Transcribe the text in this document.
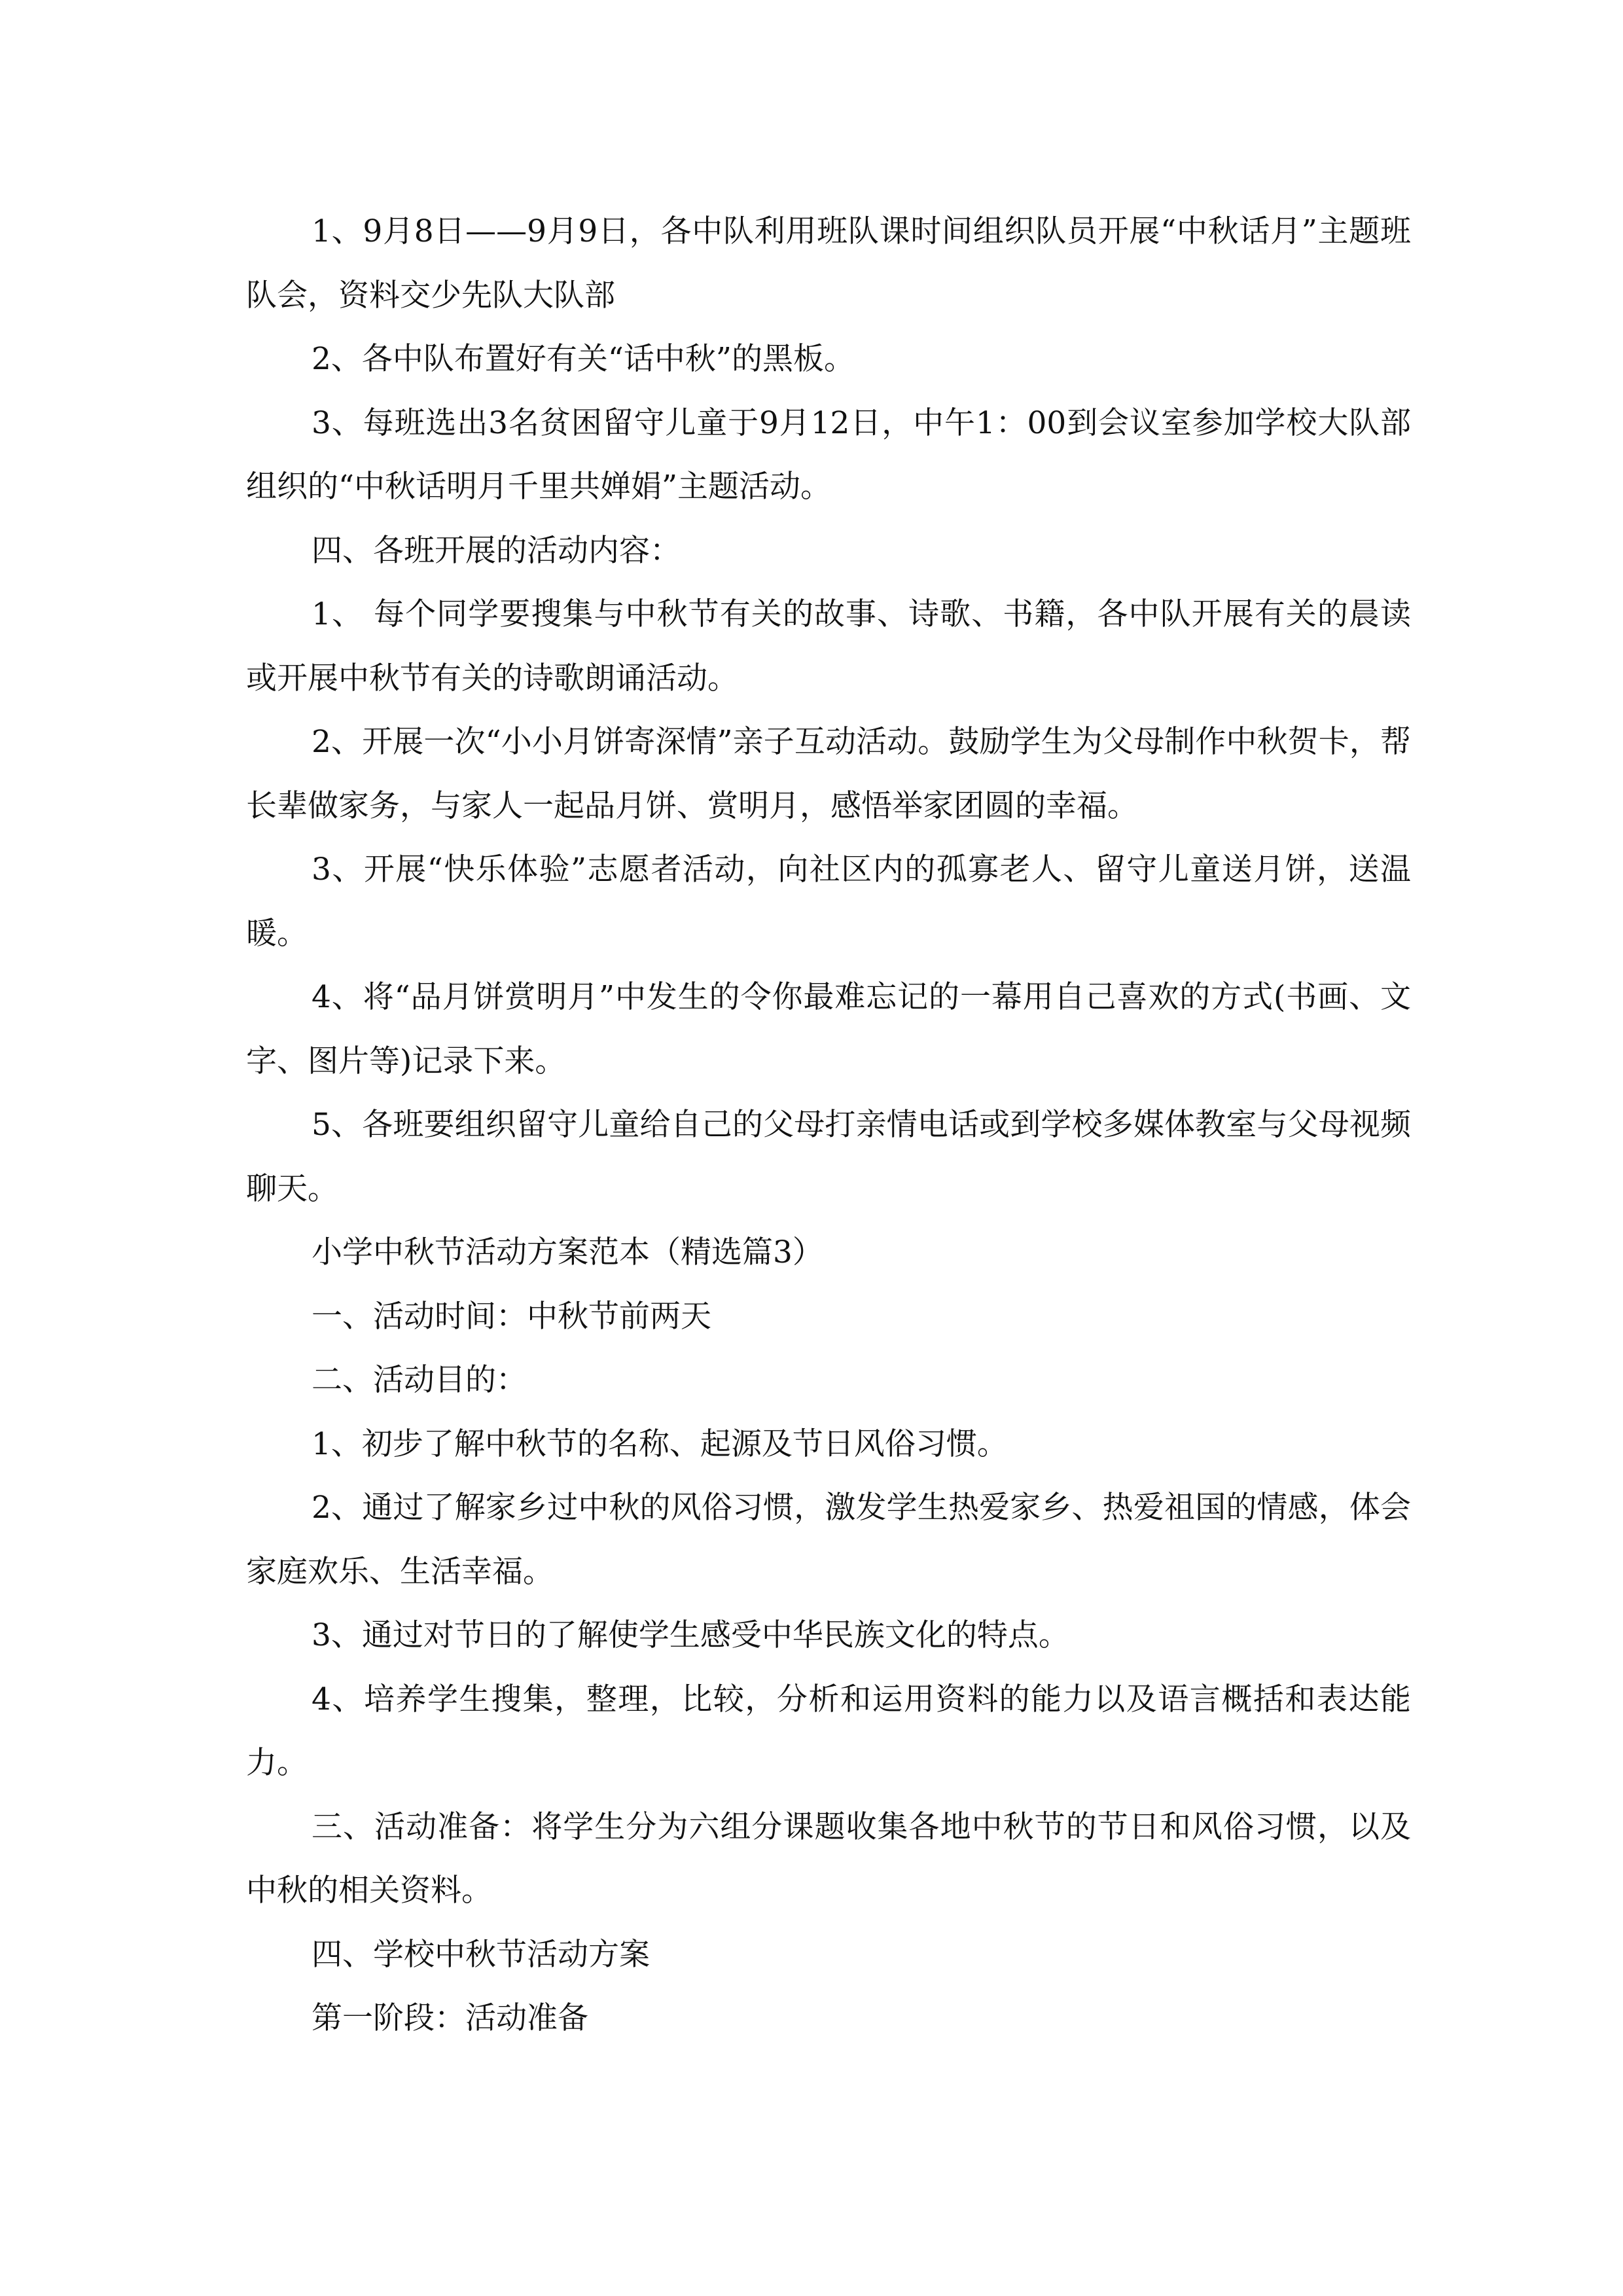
1、9月8日——9月9日，各中队利用班队课时间组织队员开展“中秋话月”主题班队会，资料交少先队大队部

2、各中队布置好有关“话中秋”的黑板。

3、每班选出3名贫困留守儿童于9月12日，中午1：00到会议室参加学校大队部组织的“中秋话明月千里共婵娟”主题活动。

四、各班开展的活动内容：

1、 每个同学要搜集与中秋节有关的故事、诗歌、书籍，各中队开展有关的晨读或开展中秋节有关的诗歌朗诵活动。

2、开展一次“小小月饼寄深情”亲子互动活动。鼓励学生为父母制作中秋贺卡，帮长辈做家务，与家人一起品月饼、赏明月，感悟举家团圆的幸福。

3、开展“快乐体验”志愿者活动，向社区内的孤寡老人、留守儿童送月饼，送温暖。

4、将“品月饼赏明月”中发生的令你最难忘记的一幕用自己喜欢的方式(书画、文字、图片等)记录下来。

5、各班要组织留守儿童给自己的父母打亲情电话或到学校多媒体教室与父母视频聊天。

小学中秋节活动方案范本（精选篇3）

一、活动时间：中秋节前两天

二、活动目的：

1、初步了解中秋节的名称、起源及节日风俗习惯。

2、通过了解家乡过中秋的风俗习惯，激发学生热爱家乡、热爱祖国的情感，体会家庭欢乐、生活幸福。

3、通过对节日的了解使学生感受中华民族文化的特点。

4、培养学生搜集，整理，比较，分析和运用资料的能力以及语言概括和表达能力。

三、活动准备：将学生分为六组分课题收集各地中秋节的节日和风俗习惯，以及中秋的相关资料。

四、学校中秋节活动方案

第一阶段：活动准备
